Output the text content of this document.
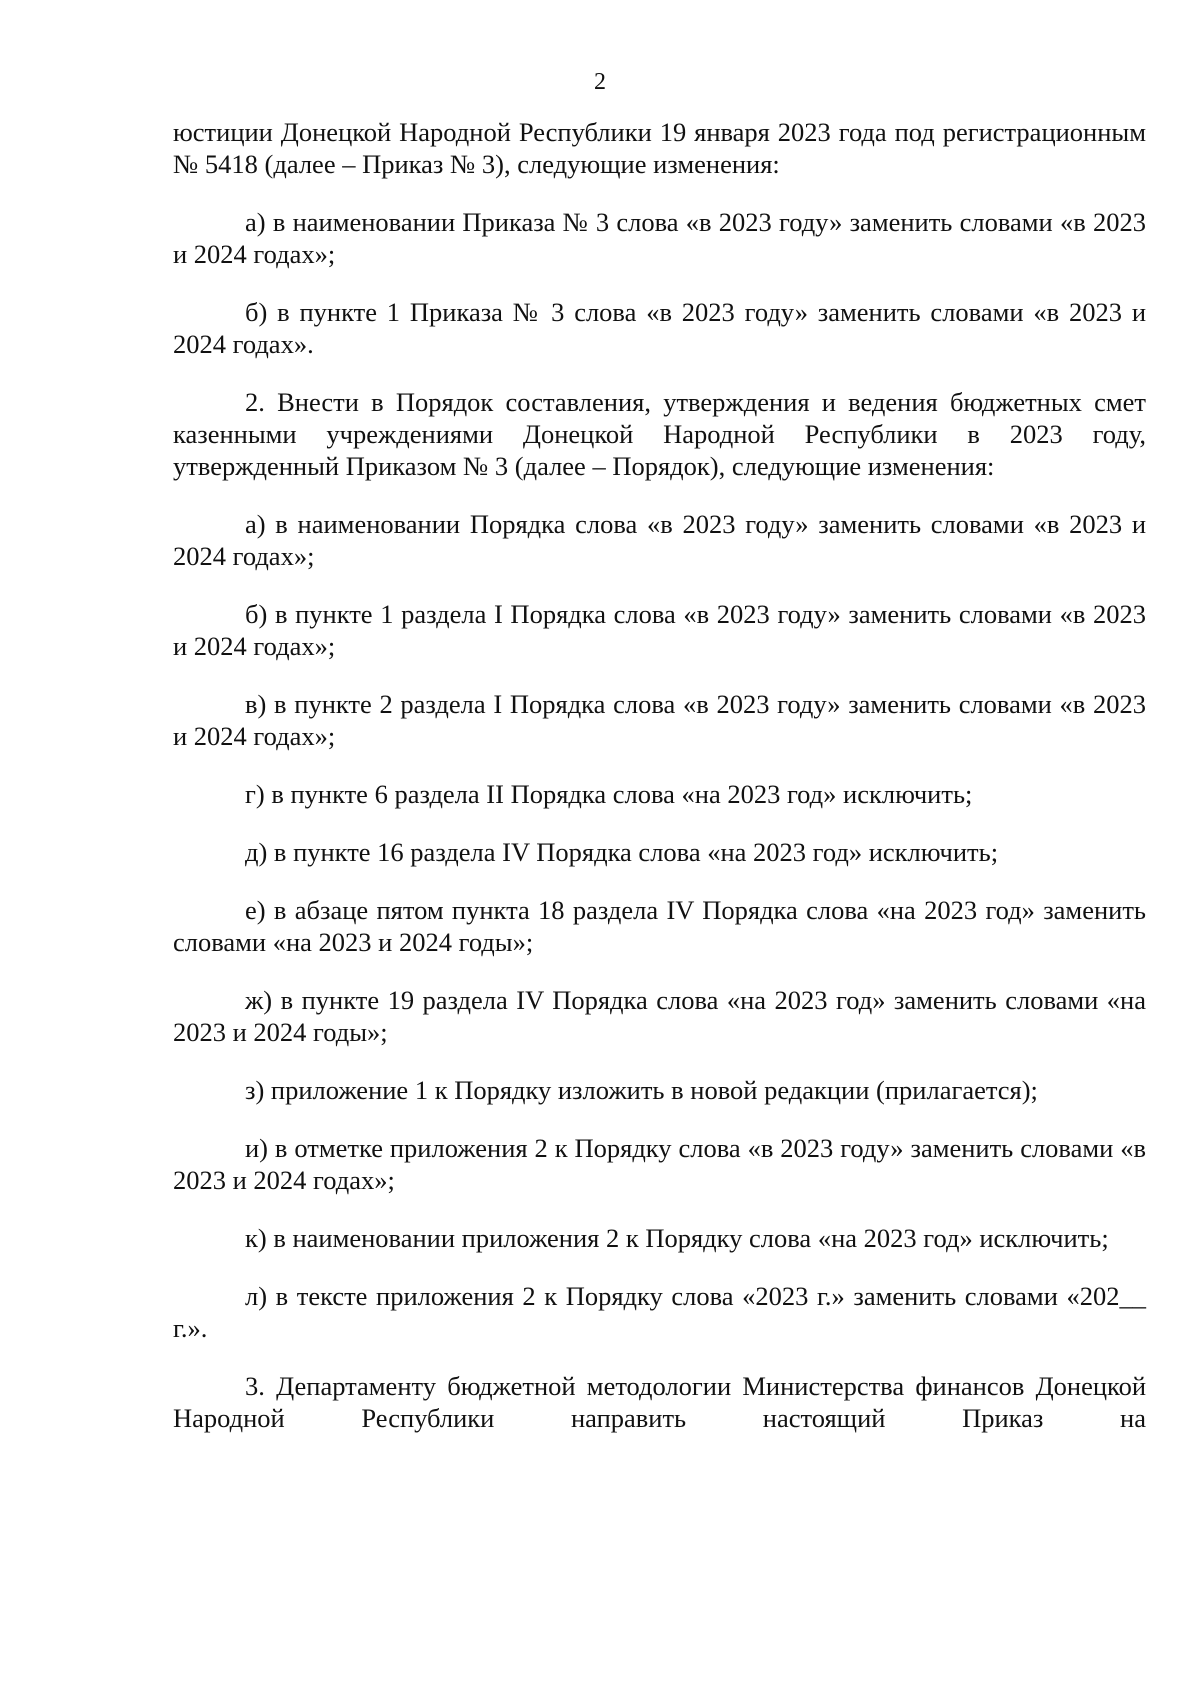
2

юстиции Донецкой Народной Республики 19 января 2023 года под регистрационным № 5418 (далее – Приказ № 3), следующие изменения:

а) в наименовании Приказа № 3 слова «в 2023 году» заменить словами «в 2023 и 2024 годах»;

б) в пункте 1 Приказа № 3 слова «в 2023 году» заменить словами «в 2023 и 2024 годах».

2. Внести в Порядок составления, утверждения и ведения бюджетных смет казенными учреждениями Донецкой Народной Республики в 2023 году, утвержденный Приказом № 3 (далее – Порядок), следующие изменения:

а) в наименовании Порядка слова «в 2023 году» заменить словами «в 2023 и 2024 годах»;

б) в пункте 1 раздела I Порядка слова «в 2023 году» заменить словами «в 2023 и 2024 годах»;

в) в пункте 2 раздела I Порядка слова «в 2023 году» заменить словами «в 2023 и 2024 годах»;

г) в пункте 6 раздела II Порядка слова «на 2023 год» исключить;

д) в пункте 16 раздела IV Порядка слова «на 2023 год» исключить;

е) в абзаце пятом пункта 18 раздела IV Порядка слова «на 2023 год» заменить словами «на 2023 и 2024 годы»;

ж) в пункте 19 раздела IV Порядка слова «на 2023 год» заменить словами «на 2023 и 2024 годы»;

з) приложение 1 к Порядку изложить в новой редакции (прилагается);

и) в отметке приложения 2 к Порядку слова «в 2023 году» заменить словами «в 2023 и 2024 годах»;

к) в наименовании приложения 2 к Порядку слова «на 2023 год» исключить;

л) в тексте приложения 2 к Порядку слова «2023 г.» заменить словами «202__ г.».

3. Департаменту бюджетной методологии Министерства финансов Донецкой Народной Республики направить настоящий Приказ на
